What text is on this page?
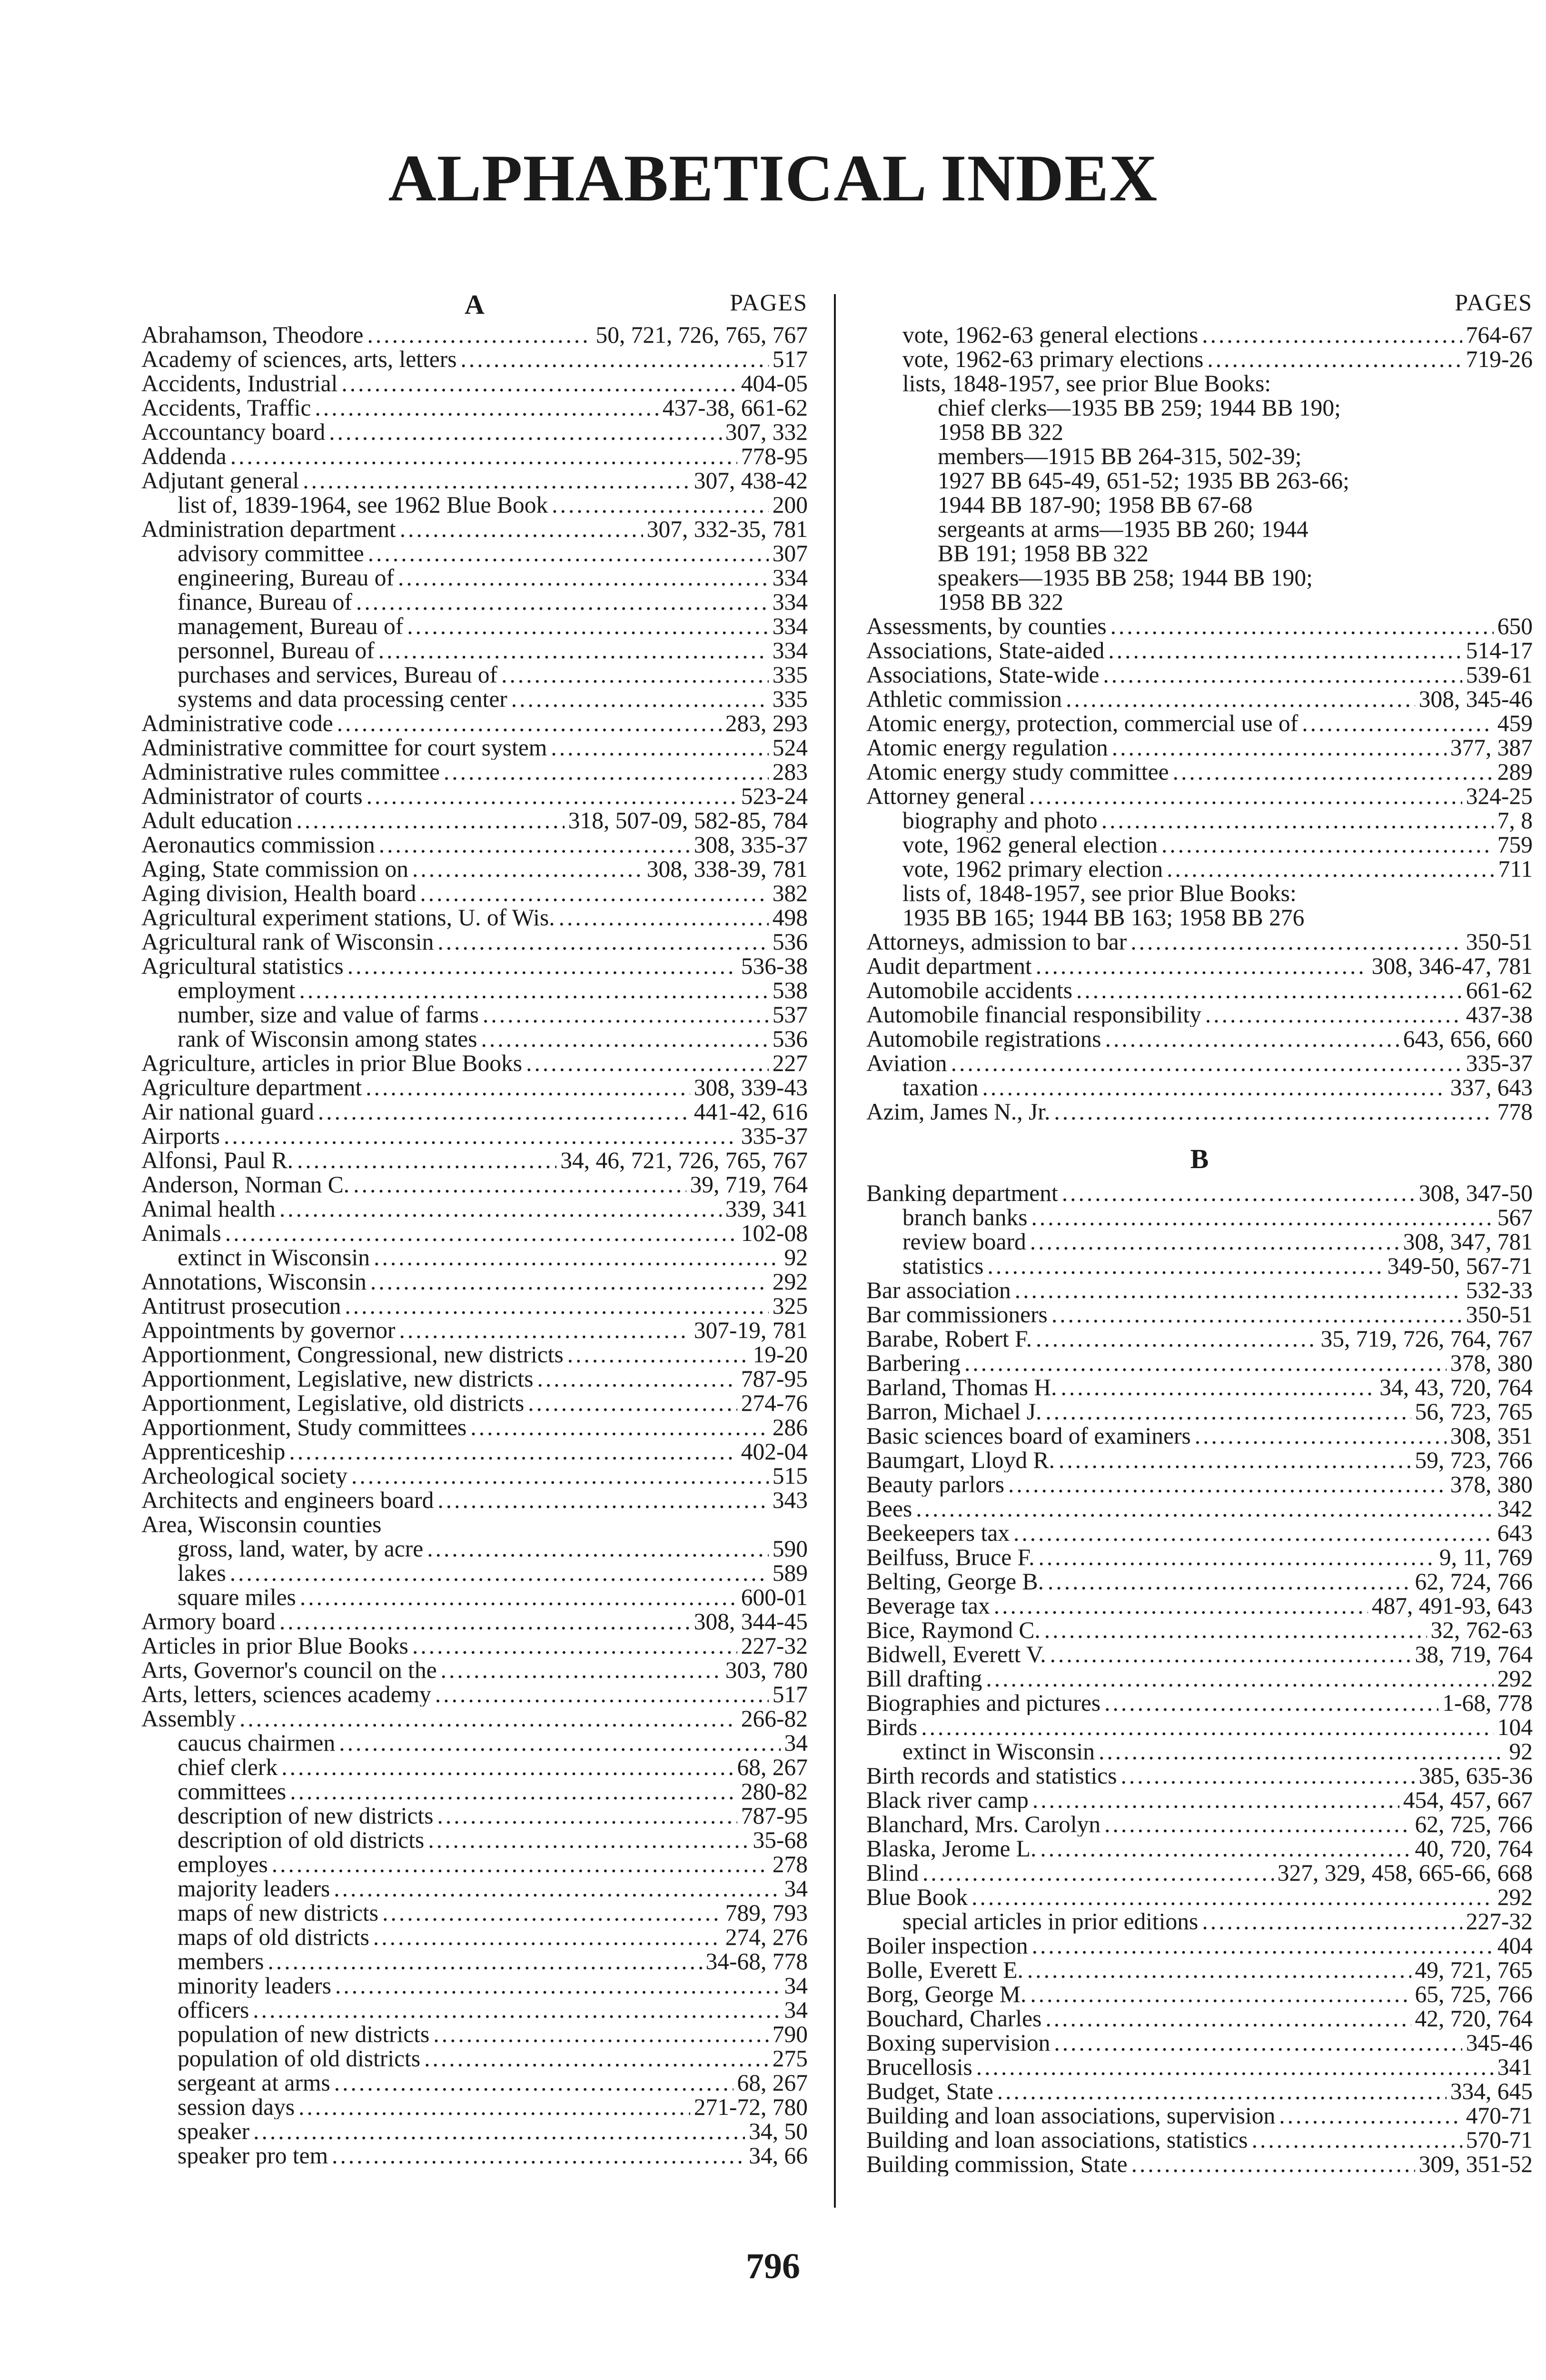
ALPHABETICAL INDEX
A	PAGES
Abrahamson, Theodore .....	50, 721, 726, 765, 767
Academy of sciences, arts, letters .....	517
Accidents, Industrial .....	404-05
Accidents, Traffic .....	437-38, 661-62
Accountancy board .....	307, 332
Addenda .....	778-95
Adjutant general .....	307, 438-42
list of, 1839-1964, see 1962 Blue Book .....	200
Administration department .....	307, 332-35, 781
advisory committee .....	307
engineering, Bureau of .....	334
finance, Bureau of .....	334
management, Bureau of .....	334
personnel, Bureau of .....	334
purchases and services, Bureau of .....	335
systems and data processing center .....	335
Administrative code .....	283, 293
Administrative committee for court system .....	524
Administrative rules committee .....	283
Administrator of courts .....	523-24
Adult education .....	318, 507-09, 582-85, 784
Aeronautics commission .....	308, 335-37
Aging, State commission on .....	308, 338-39, 781
Aging division, Health board .....	382
Agricultural experiment stations, U. of Wis. .....	498
Agricultural rank of Wisconsin .....	536
Agricultural statistics .....	536-38
employment .....	538
number, size and value of farms .....	537
rank of Wisconsin among states .....	536
Agriculture, articles in prior Blue Books .....	227
Agriculture department .....	308, 339-43
Air national guard .....	441-42, 616
Airports .....	335-37
Alfonsi, Paul R. .....	34, 46, 721, 726, 765, 767
Anderson, Norman C. .....	39, 719, 764
Animal health .....	339, 341
Animals .....	102-08
extinct in Wisconsin .....	92
Annotations, Wisconsin .....	292
Antitrust prosecution .....	325
Appointments by governor .....	307-19, 781
Apportionment, Congressional, new districts .....	19-20
Apportionment, Legislative, new districts .....	787-95
Apportionment, Legislative, old districts .....	274-76
Apportionment, Study committees .....	286
Apprenticeship .....	402-04
Archeological society .....	515
Architects and engineers board .....	343
Area, Wisconsin counties
gross, land, water, by acre .....	590
lakes .....	589
square miles .....	600-01
Armory board .....	308, 344-45
Articles in prior Blue Books .....	227-32
Arts, Governor's council on the .....	303, 780
Arts, letters, sciences academy .....	517
Assembly .....	266-82
caucus chairmen .....	34
chief clerk .....	68, 267
committees .....	280-82
description of new districts .....	787-95
description of old districts .....	35-68
employes .....	278
majority leaders .....	34
maps of new districts .....	789, 793
maps of old districts .....	274, 276
members .....	34-68, 778
minority leaders .....	34
officers .....	34
population of new districts .....	790
population of old districts .....	275
sergeant at arms .....	68, 267
session days .....	271-72, 780
speaker .....	34, 50
speaker pro tem .....	34, 66
PAGES
vote, 1962-63 general elections .....	764-67
vote, 1962-63 primary elections .....	719-26
lists, 1848-1957, see prior Blue Books:
chief clerks—1935 BB 259; 1944 BB 190;
1958 BB 322
members—1915 BB 264-315, 502-39;
1927 BB 645-49, 651-52; 1935 BB 263-66;
1944 BB 187-90; 1958 BB 67-68
sergeants at arms—1935 BB 260; 1944
BB 191; 1958 BB 322
speakers—1935 BB 258; 1944 BB 190;
1958 BB 322
Assessments, by counties .....	650
Associations, State-aided .....	514-17
Associations, State-wide .....	539-61
Athletic commission .....	308, 345-46
Atomic energy, protection, commercial use of .....	459
Atomic energy regulation .....	377, 387
Atomic energy study committee .....	289
Attorney general .....	324-25
biography and photo .....	7, 8
vote, 1962 general election .....	759
vote, 1962 primary election .....	711
lists of, 1848-1957, see prior Blue Books:
1935 BB 165; 1944 BB 163; 1958 BB 276
Attorneys, admission to bar .....	350-51
Audit department .....	308, 346-47, 781
Automobile accidents .....	661-62
Automobile financial responsibility .....	437-38
Automobile registrations .....	643, 656, 660
Aviation .....	335-37
taxation .....	337, 643
Azim, James N., Jr. .....	778
B
Banking department .....	308, 347-50
branch banks .....	567
review board .....	308, 347, 781
statistics .....	349-50, 567-71
Bar association .....	532-33
Bar commissioners .....	350-51
Barabe, Robert F. .....	35, 719, 726, 764, 767
Barbering .....	378, 380
Barland, Thomas H. .....	34, 43, 720, 764
Barron, Michael J. .....	56, 723, 765
Basic sciences board of examiners .....	308, 351
Baumgart, Lloyd R. .....	59, 723, 766
Beauty parlors .....	378, 380
Bees .....	342
Beekeepers tax .....	643
Beilfuss, Bruce F. .....	9, 11, 769
Belting, George B. .....	62, 724, 766
Beverage tax .....	487, 491-93, 643
Bice, Raymond C. .....	32, 762-63
Bidwell, Everett V. .....	38, 719, 764
Bill drafting .....	292
Biographies and pictures .....	1-68, 778
Birds .....	104
extinct in Wisconsin .....	92
Birth records and statistics .....	385, 635-36
Black river camp .....	454, 457, 667
Blanchard, Mrs. Carolyn .....	62, 725, 766
Blaska, Jerome L. .....	40, 720, 764
Blind .....	327, 329, 458, 665-66, 668
Blue Book .....	292
special articles in prior editions .....	227-32
Boiler inspection .....	404
Bolle, Everett E. .....	49, 721, 765
Borg, George M. .....	65, 725, 766
Bouchard, Charles .....	42, 720, 764
Boxing supervision .....	345-46
Brucellosis .....	341
Budget, State .....	334, 645
Building and loan associations, supervision .....	470-71
Building and loan associations, statistics .....	570-71
Building commission, State .....	309, 351-52
796
